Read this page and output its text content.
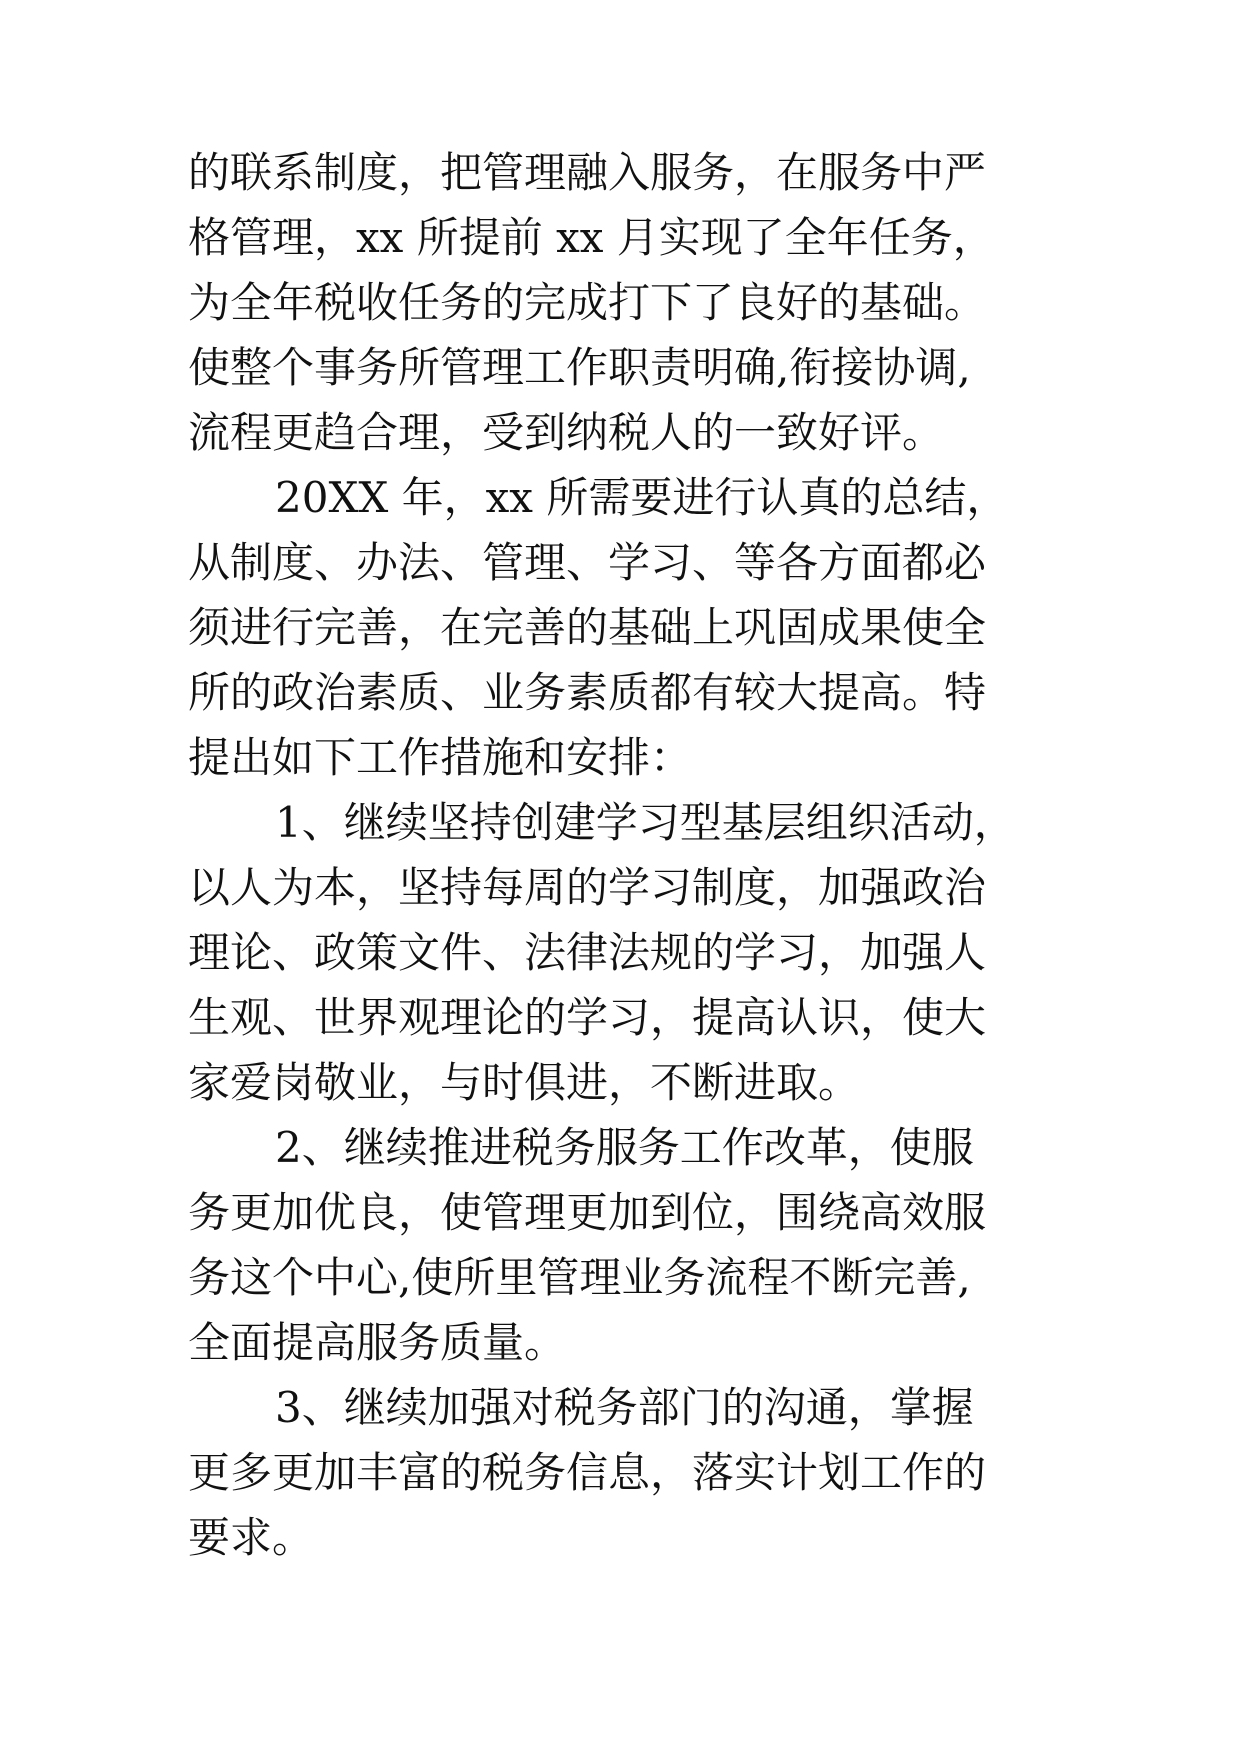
的联系制度，把管理融入服务，在服务中严
格管理，xx 所提前 xx 月实现了全年任务，
为全年税收任务的完成打下了良好的基础。
使整个事务所管理工作职责明确,衔接协调,
流程更趋合理，受到纳税人的一致好评。
20XX 年，xx 所需要进行认真的总结，
从制度、办法、管理、学习、等各方面都必
须进行完善，在完善的基础上巩固成果使全
所的政治素质、业务素质都有较大提高。特
提出如下工作措施和安排：
1、继续坚持创建学习型基层组织活动，
以人为本，坚持每周的学习制度，加强政治
理论、政策文件、法律法规的学习，加强人
生观、世界观理论的学习，提高认识，使大
家爱岗敬业，与时俱进，不断进取。
2、继续推进税务服务工作改革，使服
务更加优良，使管理更加到位，围绕高效服
务这个中心,使所里管理业务流程不断完善,
全面提高服务质量。
3、继续加强对税务部门的沟通，掌握
更多更加丰富的税务信息，落实计划工作的
要求。
